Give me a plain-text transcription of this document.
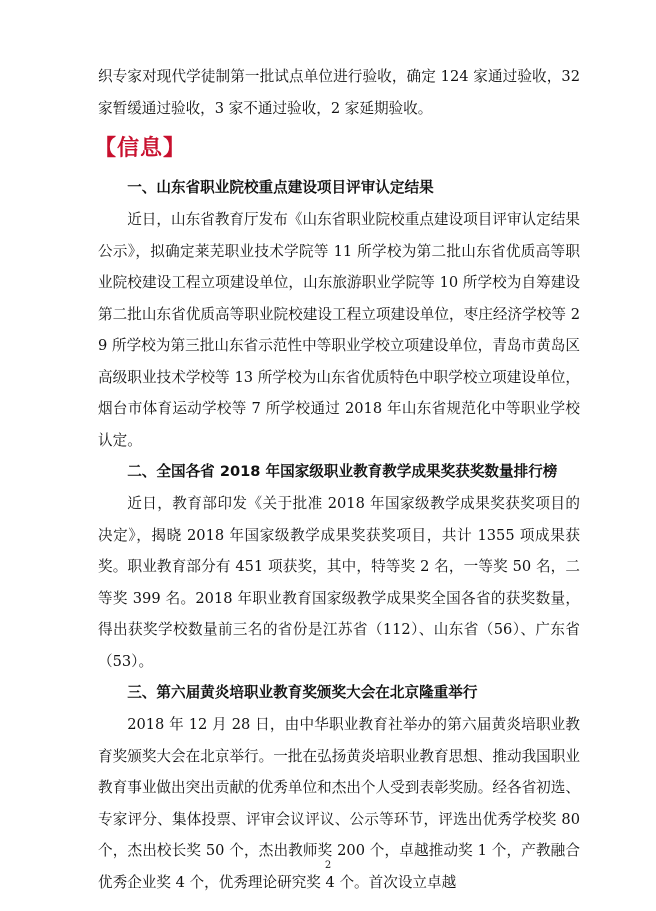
织专家对现代学徒制第一批试点单位进行验收，确定 124 家通过验收，32 家暂缓通过验收，3 家不通过验收，2 家延期验收。

【信息】

一、山东省职业院校重点建设项目评审认定结果

近日，山东省教育厅发布《山东省职业院校重点建设项目评审认定结果公示》，拟确定莱芜职业技术学院等 11 所学校为第二批山东省优质高等职业院校建设工程立项建设单位，山东旅游职业学院等 10 所学校为自筹建设第二批山东省优质高等职业院校建设工程立项建设单位，枣庄经济学校等 29 所学校为第三批山东省示范性中等职业学校立项建设单位，青岛市黄岛区高级职业技术学校等 13 所学校为山东省优质特色中职学校立项建设单位，烟台市体育运动学校等 7 所学校通过 2018 年山东省规范化中等职业学校认定。

二、全国各省 2018 年国家级职业教育教学成果奖获奖数量排行榜

近日，教育部印发《关于批准 2018 年国家级教学成果奖获奖项目的决定》，揭晓 2018 年国家级教学成果奖获奖项目，共计 1355 项成果获奖。职业教育部分有 451 项获奖，其中，特等奖 2 名，一等奖 50 名，二等奖 399 名。2018 年职业教育国家级教学成果奖全国各省的获奖数量，得出获奖学校数量前三名的省份是江苏省（112）、山东省（56）、广东省（53）。

三、第六届黄炎培职业教育奖颁奖大会在北京隆重举行

2018 年 12 月 28 日，由中华职业教育社举办的第六届黄炎培职业教育奖颁奖大会在北京举行。一批在弘扬黄炎培职业教育思想、推动我国职业教育事业做出突出贡献的优秀单位和杰出个人受到表彰奖励。经各省初选、专家评分、集体投票、评审会议评议、公示等环节，评选出优秀学校奖 80 个，杰出校长奖 50 个，杰出教师奖 200 个，卓越推动奖 1 个，产教融合优秀企业奖 4 个，优秀理论研究奖 4 个。首次设立卓越

2
